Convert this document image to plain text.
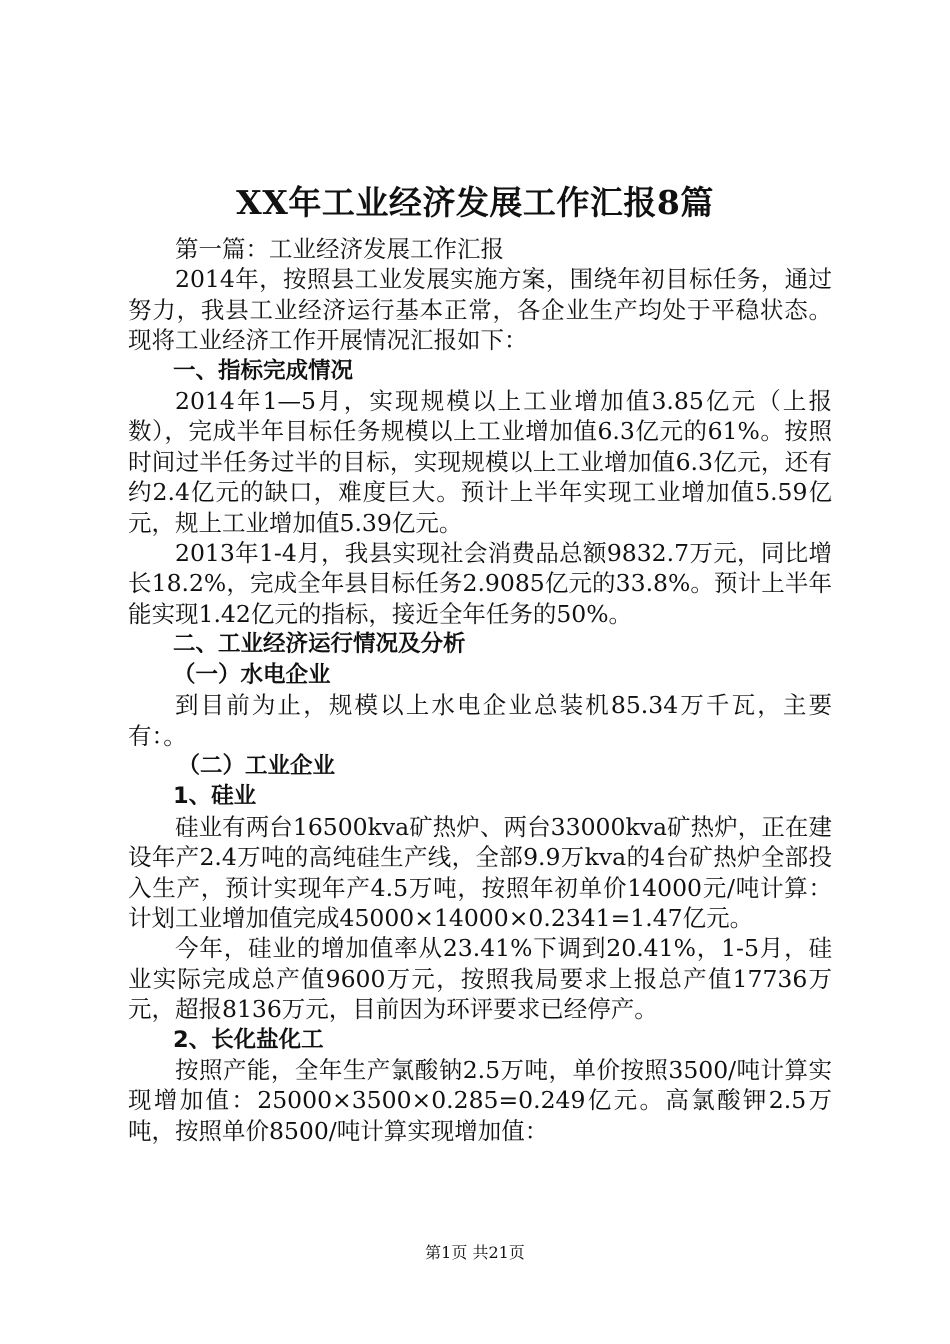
XX年工业经济发展工作汇报8篇

第一篇：工业经济发展工作汇报

2014年，按照县工业发展实施方案，围绕年初目标任务，通过努力，我县工业经济运行基本正常，各企业生产均处于平稳状态。现将工业经济工作开展情况汇报如下：

一、指标完成情况

2014年1—5月，实现规模以上工业增加值3.85亿元（上报数），完成半年目标任务规模以上工业增加值6.3亿元的61%。按照时间过半任务过半的目标，实现规模以上工业增加值6.3亿元，还有约2.4亿元的缺口，难度巨大。预计上半年实现工业增加值5.59亿元，规上工业增加值5.39亿元。

2013年1-4月，我县实现社会消费品总额9832.7万元，同比增长18.2%，完成全年县目标任务2.9085亿元的33.8%。预计上半年能实现1.42亿元的指标，接近全年任务的50%。

二、工业经济运行情况及分析

（一）水电企业

到目前为止，规模以上水电企业总装机85.34万千瓦，主要有：。

（二）工业企业

1、硅业

硅业有两台16500kva矿热炉、两台33000kva矿热炉，正在建设年产2.4万吨的高纯硅生产线，全部9.9万kva的4台矿热炉全部投入生产，预计实现年产4.5万吨，按照年初单价14000元/吨计算：计划工业增加值完成45000×14000×0.2341=1.47亿元。

今年，硅业的增加值率从23.41%下调到20.41%，1-5月，硅业实际完成总产值9600万元，按照我局要求上报总产值17736万元，超报8136万元，目前因为环评要求已经停产。

2、长化盐化工

按照产能，全年生产氯酸钠2.5万吨，单价按照3500/吨计算实现增加值：25000×3500×0.285=0.249亿元。高氯酸钾2.5万吨，按照单价8500/吨计算实现增加值：

第1页 共21页
